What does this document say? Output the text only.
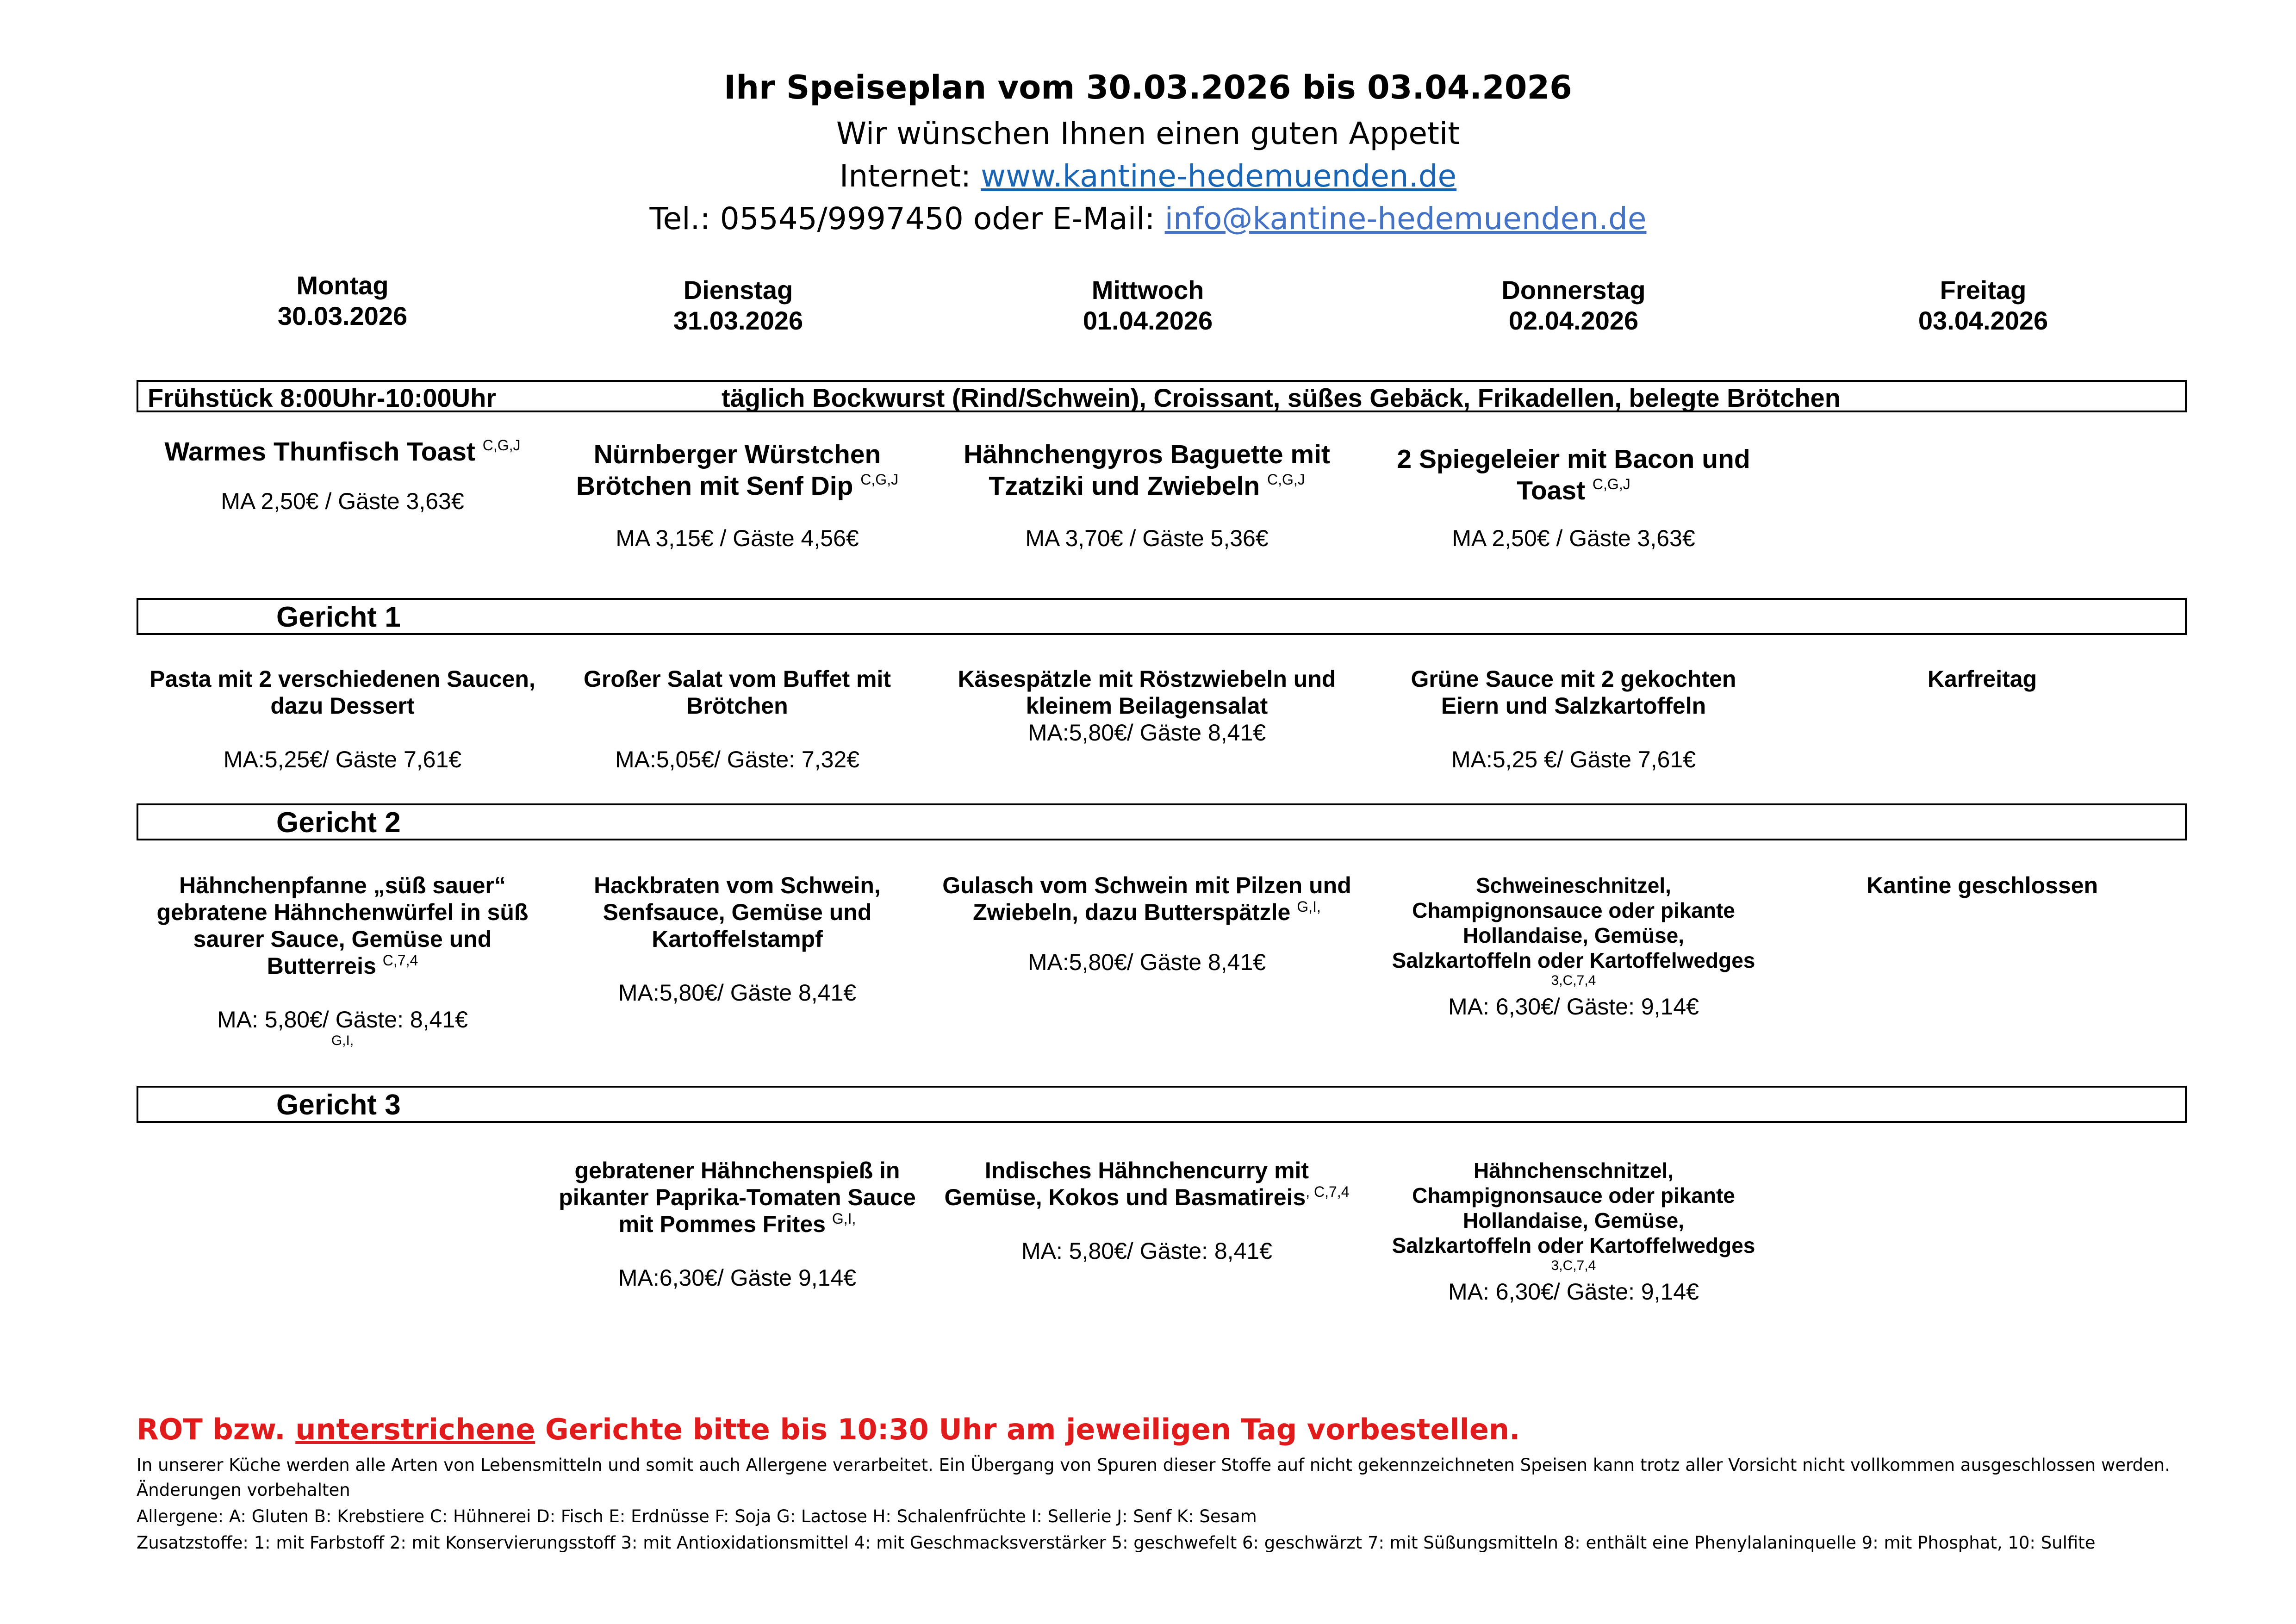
Ihr Speiseplan vom 30.03.2026 bis 03.04.2026
Wir wünschen Ihnen einen guten Appetit
Internet: www.kantine-hedemuenden.de
Tel.: 05545/9997450 oder E-Mail: info@kantine-hedemuenden.de
Montag
30.03.2026
Dienstag
31.03.2026
Mittwoch
01.04.2026
Donnerstag
02.04.2026
Freitag
03.04.2026
Frühstück 8:00Uhr-10:00Uhr	täglich Bockwurst (Rind/Schwein), Croissant, süßes Gebäck, Frikadellen, belegte Brötchen
Warmes Thunfisch Toast $^{C,G,J}$
MA 2,50€ / Gäste 3,63€
Nürnberger Würstchen
Brötchen mit Senf Dip $^{C,G,J}$
MA 3,15€ / Gäste 4,56€
Hähnchengyros Baguette mit
Tzatziki und Zwiebeln $^{C,G,J}$
MA 3,70€ / Gäste 5,36€
2 Spiegeleier mit Bacon und
Toast $^{C,G,J}$
MA 2,50€ / Gäste 3,63€
Gericht 1
Pasta mit 2 verschiedenen Saucen,
dazu Dessert
MA:5,25€/ Gäste 7,61€
Großer Salat vom Buffet mit
Brötchen
MA:5,05€/ Gäste: 7,32€
Käsespätzle mit Röstzwiebeln und
kleinem Beilagensalat
MA:5,80€/ Gäste 8,41€
Grüne Sauce mit 2 gekochten
Eiern und Salzkartoffeln
MA:5,25 €/ Gäste 7,61€
Karfreitag
Gericht 2
Hähnchenpfanne „süß sauer“
gebratene Hähnchenwürfel in süß
saurer Sauce, Gemüse und
Butterreis $^{C,7,4}$
MA: 5,80€/ Gäste: 8,41€
G,I,
Hackbraten vom Schwein,
Senfsauce, Gemüse und
Kartoffelstampf
MA:5,80€/ Gäste 8,41€
Gulasch vom Schwein mit Pilzen und
Zwiebeln, dazu Butterspätzle $^{G,I,}$
MA:5,80€/ Gäste 8,41€
Schweineschnitzel,
Champignonsauce oder pikante
Hollandaise, Gemüse,
Salzkartoffeln oder Kartoffelwedges
3,C,7,4
MA: 6,30€/ Gäste: 9,14€
Kantine geschlossen
Gericht 3
gebratener Hähnchenspieß in
pikanter Paprika-Tomaten Sauce
mit Pommes Frites $^{G,I,}$
MA:6,30€/ Gäste 9,14€
Indisches Hähnchencurry mit
Gemüse, Kokos und Basmatireis$^{, C,7,4}$
MA: 5,80€/ Gäste: 8,41€
Hähnchenschnitzel,
Champignonsauce oder pikante
Hollandaise, Gemüse,
Salzkartoffeln oder Kartoffelwedges
3,C,7,4
MA: 6,30€/ Gäste: 9,14€
ROT bzw. unterstrichene Gerichte bitte bis 10:30 Uhr am jeweiligen Tag vorbestellen.
In unserer Küche werden alle Arten von Lebensmitteln und somit auch Allergene verarbeitet. Ein Übergang von Spuren dieser Stoffe auf nicht gekennzeichneten Speisen kann trotz aller Vorsicht nicht vollkommen ausgeschlossen werden.
Änderungen vorbehalten
Allergene: A: Gluten B: Krebstiere C: Hühnerei D: Fisch E: Erdnüsse F: Soja G: Lactose H: Schalenfrüchte I: Sellerie J: Senf K: Sesam
Zusatzstoffe: 1: mit Farbstoff 2: mit Konservierungsstoff 3: mit Antioxidationsmittel 4: mit Geschmacksverstärker 5: geschwefelt 6: geschwärzt 7: mit Süßungsmitteln 8: enthält eine Phenylalaninquelle 9: mit Phosphat, 10: Sulfite
